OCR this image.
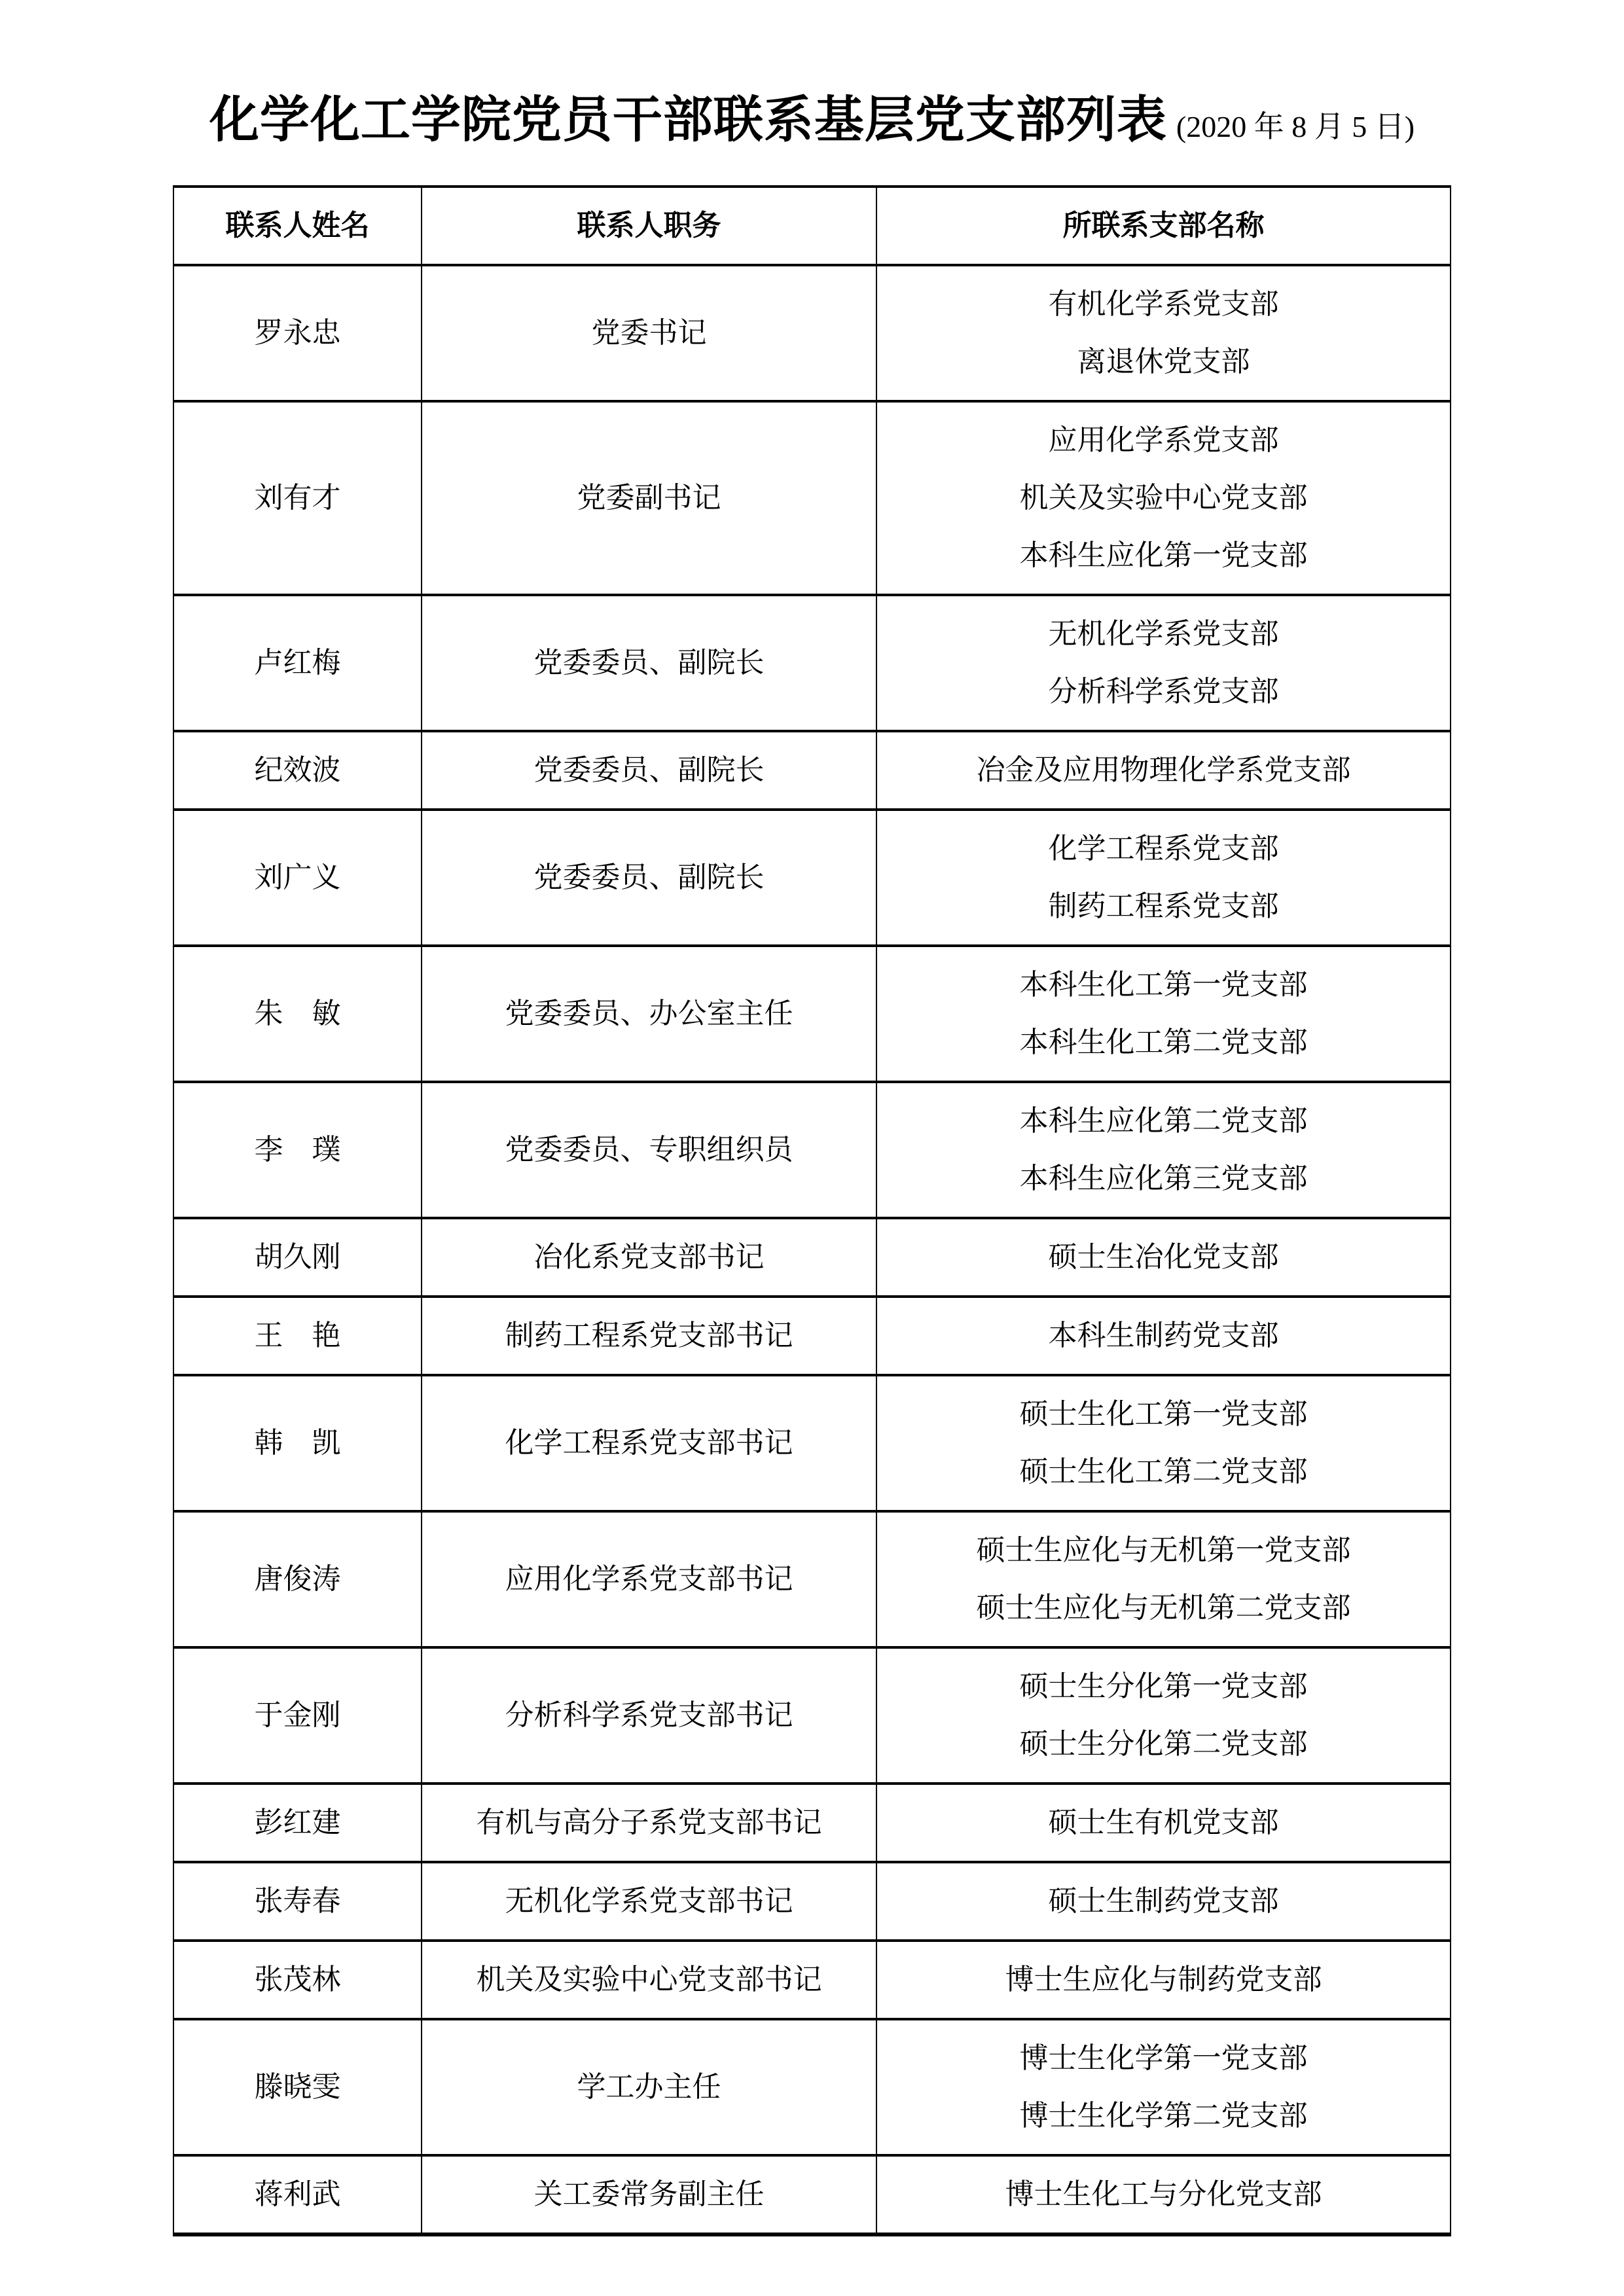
化学化工学院党员干部联系基层党支部列表 (2020 年 8 月 5 日)
联系人姓名	联系人职务	所联系支部名称
罗永忠	党委书记	有机化学系党支部
离退休党支部

刘有才	党委副书记	应用化学系党支部
机关及实验中心党支部
本科生应化第一党支部

卢红梅	党委委员、副院长	无机化学系党支部
分析科学系党支部

纪效波	党委委员、副院长	冶金及应用物理化学系党支部

刘广义	党委委员、副院长	化学工程系党支部
制药工程系党支部

朱　敏	党委委员、办公室主任	本科生化工第一党支部
本科生化工第二党支部

李　璞	党委委员、专职组织员	本科生应化第二党支部
本科生应化第三党支部

胡久刚	冶化系党支部书记	硕士生冶化党支部

王　艳	制药工程系党支部书记	本科生制药党支部

韩　凯	化学工程系党支部书记	硕士生化工第一党支部
硕士生化工第二党支部

唐俊涛	应用化学系党支部书记	硕士生应化与无机第一党支部
硕士生应化与无机第二党支部

于金刚	分析科学系党支部书记	硕士生分化第一党支部
硕士生分化第二党支部

彭红建	有机与高分子系党支部书记	硕士生有机党支部

张寿春	无机化学系党支部书记	硕士生制药党支部

张茂林	机关及实验中心党支部书记	博士生应化与制药党支部

滕晓雯	学工办主任	博士生化学第一党支部
博士生化学第二党支部

蒋利武	关工委常务副主任	博士生化工与分化党支部
